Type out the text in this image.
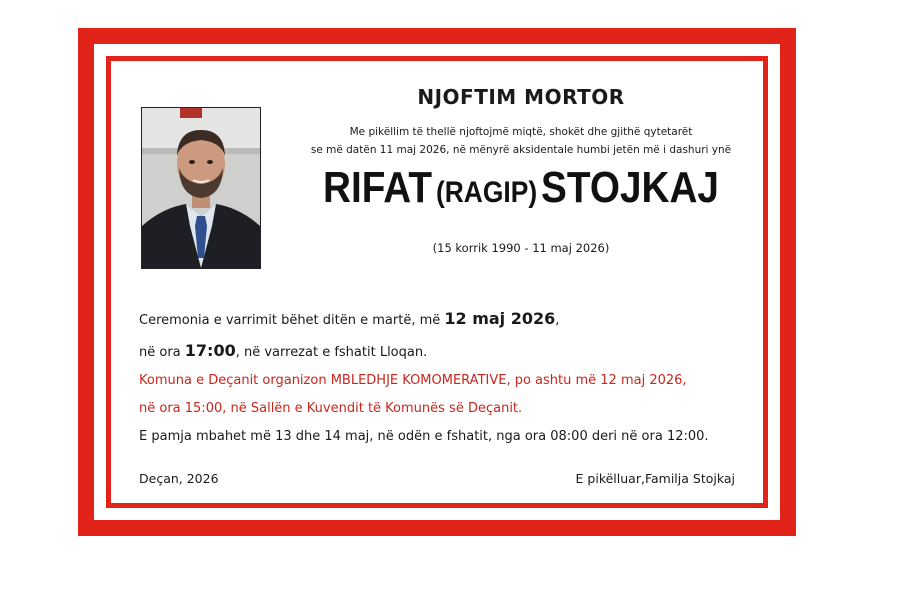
NJOFTIM MORTOR
Me pikëllim të thellë njoftojmë miqtë, shokët dhe gjithë qytetarët
se më datën 11 maj 2026, në mënyrë aksidentale humbi jetën më i dashuri ynë
RIFAT (RAGIP) STOJKAJ
(15 korrik 1990 - 11 maj 2026)
Ceremonia e varrimit bëhet ditën e martë, më 12 maj 2026,
në ora 17:00, në varrezat e fshatit Lloqan.
Komuna e Deçanit organizon MBLEDHJE KOMOMERATIVE, po ashtu më 12 maj 2026,
në ora 15:00, në Sallën e Kuvendit të Komunës së Deçanit.
E pamja mbahet më 13 dhe 14 maj, në odën e fshatit, nga ora 08:00 deri në ora 12:00.
Deçan, 2026	E pikëlluar,Familja Stojkaj
